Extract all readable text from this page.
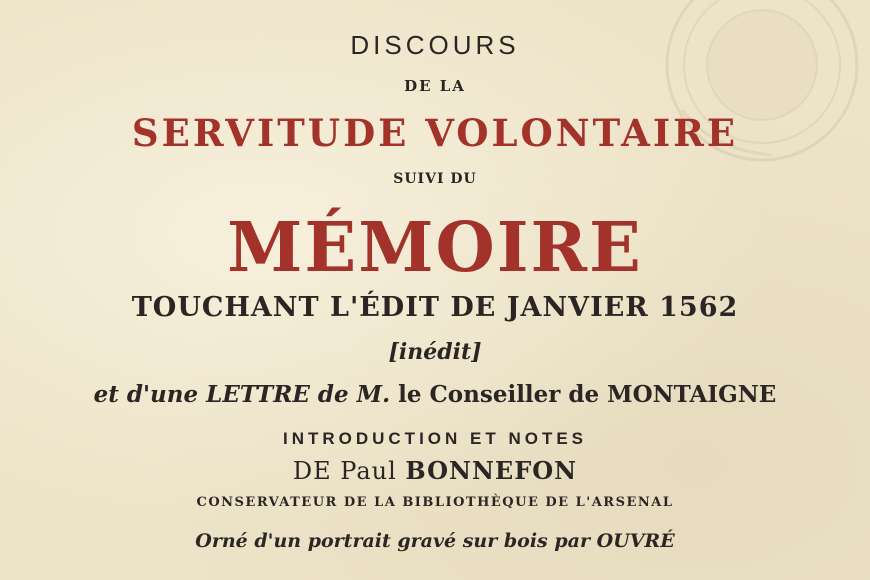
DISCOURS
DE LA
SERVITUDE VOLONTAIRE
SUIVI DU
MÉMOIRE
TOUCHANT L'ÉDIT DE JANVIER 1562
[inédit]
et d'une LETTRE de M. le Conseiller de MONTAIGNE
INTRODUCTION ET NOTES
DE Paul BONNEFON
CONSERVATEUR DE LA BIBLIOTHÈQUE DE L'ARSENAL
Orné d'un portrait gravé sur bois par OUVRÉ
